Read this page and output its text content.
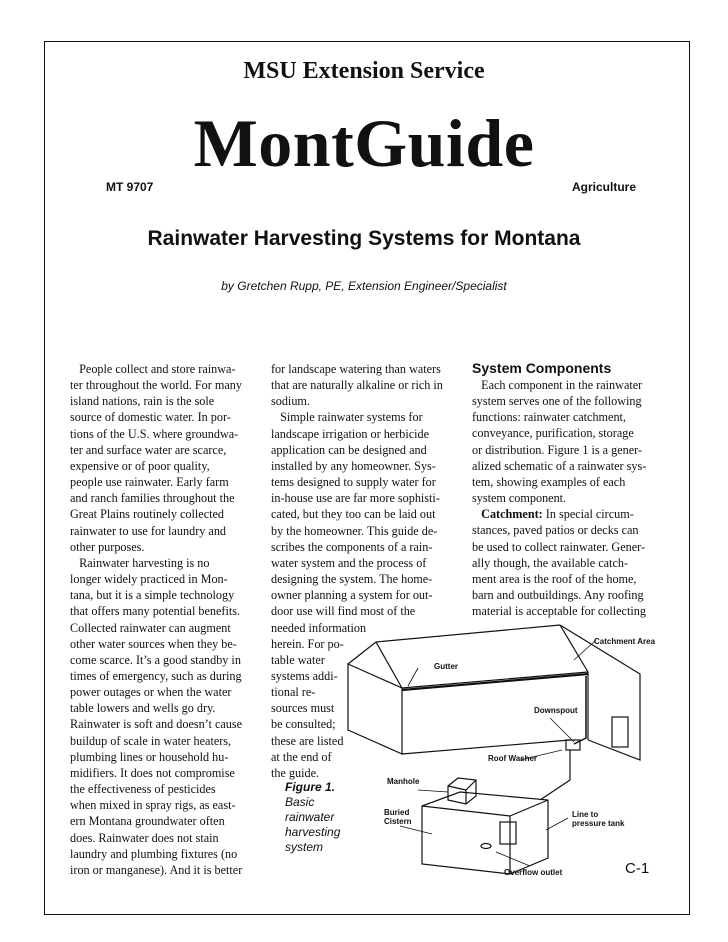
MSU Extension Service
MontGuide
MT 9707	Agriculture
Rainwater Harvesting Systems for Montana
by Gretchen Rupp, PE, Extension Engineer/Specialist
People collect and store rainwa-
ter throughout the world. For many
island nations, rain is the sole
source of domestic water. In por-
tions of the U.S. where groundwa-
ter and surface water are scarce,
expensive or of poor quality,
people use rainwater. Early farm
and ranch families throughout the
Great Plains routinely collected
rainwater to use for laundry and
other purposes.
Rainwater harvesting is no
longer widely practiced in Mon-
tana, but it is a simple technology
that offers many potential benefits.
Collected rainwater can augment
other water sources when they be-
come scarce. It’s a good standby in
times of emergency, such as during
power outages or when the water
table lowers and wells go dry.
Rainwater is soft and doesn’t cause
buildup of scale in water heaters,
plumbing lines or household hu-
midifiers. It does not compromise
the effectiveness of pesticides
when mixed in spray rigs, as east-
ern Montana groundwater often
does. Rainwater does not stain
laundry and plumbing fixtures (no
iron or manganese). And it is better
for landscape watering than waters
that are naturally alkaline or rich in
sodium.
Simple rainwater systems for
landscape irrigation or herbicide
application can be designed and
installed by any homeowner. Sys-
tems designed to supply water for
in-house use are far more sophisti-
cated, but they too can be laid out
by the homeowner. This guide de-
scribes the components of a rain-
water system and the process of
designing the system. The home-
owner planning a system for out-
door use will find most of the
needed information
herein. For po-
table water
systems addi-
tional re-
sources must
be consulted;
these are listed
at the end of
the guide.
System Components
Each component in the rainwater
system serves one of the following
functions: rainwater catchment,
conveyance, purification, storage
or distribution. Figure 1 is a gener-
alized schematic of a rainwater sys-
tem, showing examples of each
system component.
Catchment: In special circum-
stances, paved patios or decks can
be used to collect rainwater. Gener-
ally though, the available catch-
ment area is the roof of the home,
barn and outbuildings. Any roofing
material is acceptable for collecting
Catchment Area
Gutter
Downspout
Roof Washer
Manhole
Buried
Cistern
Line to
pressure tank
Overflow outlet
Figure 1.
Basic
rainwater
harvesting
system
C-1
